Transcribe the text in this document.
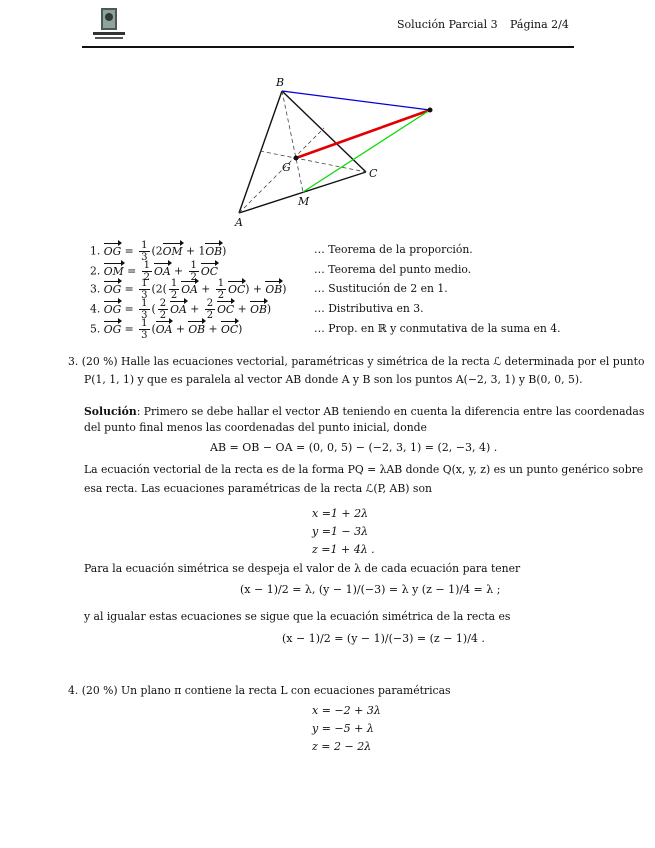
Solución Parcial 3 Página 2/4
B
G	C
M
A
1. OG = $\frac{1}{3} (2OM + 1OB)$	… Teorema de la proporción.
2. OM = $\frac{1}{2}$ OA + $\frac{1}{2}$ OC	… Teorema del punto medio.
3. OG = $\frac{1}{3} (2( \frac{1}{2}$ OA + $\frac{1}{2} OC) + OB$)	… Sustitución de 2 en 1.
4. OG = $\frac{1}{3}$ ( $\frac{2}{2}$ OA + $\frac{2}{2}$ OC + OB)	… Distributiva en 3.
5. OG = $\frac{1}{3} (OA$ + OB + OC)	… Prop. en ℝ y conmutativa de la suma en 4.
3. (20 %) Halle las ecuaciones vectorial, paramétricas y simétrica de la recta ℒ determinada por el punto
P(1, 1, 1) y que es paralela al vector AB donde A y B son los puntos A(−2, 3, 1) y B(0, 0, 5).
Solución: Primero se debe hallar el vector AB teniendo en cuenta la diferencia entre las coordenadas
del punto final menos las coordenadas del punto inicial, donde
AB = OB − OA = (0, 0, 5) − (−2, 3, 1) = (2, −3, 4) .
La ecuación vectorial de la recta es de la forma PQ = λAB donde Q(x, y, z) es un punto genérico sobre
esa recta. Las ecuaciones paramétricas de la recta ℒ(P, AB) son
x =1 + 2λ
y =1 − 3λ
z =1 + 4λ .
Para la ecuación simétrica se despeja el valor de λ de cada ecuación para tener
(x − 1)/2 = λ, (y − 1)/(−3) = λ y (z − 1)/4 = λ ;
y al igualar estas ecuaciones se sigue que la ecuación simétrica de la recta es
(x − 1)/2 = (y − 1)/(−3) = (z − 1)/4 .
4. (20 %) Un plano π contiene la recta L con ecuaciones paramétricas
x = −2 + 3λ
y = −5 + λ
z = 2 − 2λ
